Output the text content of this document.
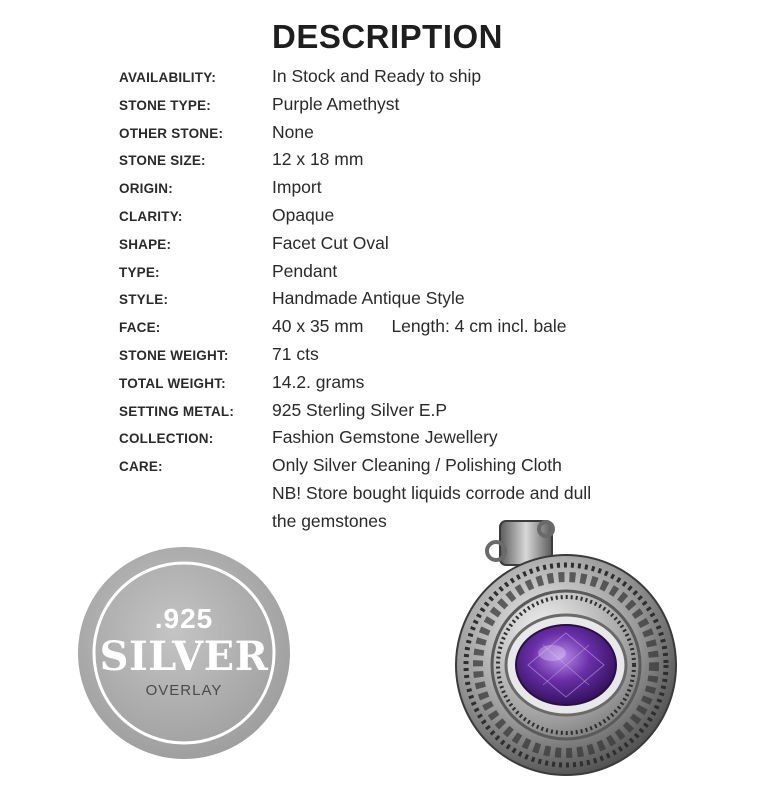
DESCRIPTION
AVAILABILITY:	In Stock and Ready to ship
STONE TYPE:	Purple Amethyst
OTHER STONE:	None
STONE SIZE:	12 x 18 mm
ORIGIN:	Import
CLARITY:	Opaque
SHAPE:	Facet Cut Oval
TYPE:	Pendant
STYLE:	Handmade Antique Style
FACE:	40 x 35 mm Length: 4 cm incl. bale
STONE WEIGHT:	71 cts
TOTAL WEIGHT:	14.2. grams
SETTING METAL:	925 Sterling Silver E.P
COLLECTION:	Fashion Gemstone Jewellery
CARE:	Only Silver Cleaning / Polishing Cloth
NB! Store bought liquids corrode and dull
the gemstones
.925
SILVER
OVERLAY
